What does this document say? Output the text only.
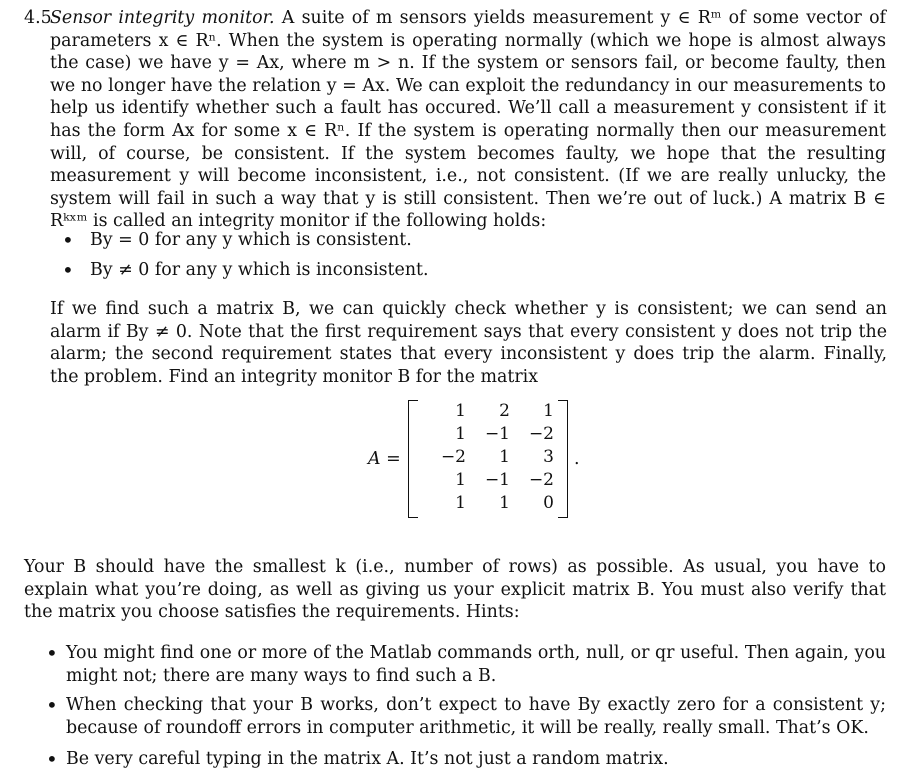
4.5Sensor integrity monitor. A suite of m sensors yields measurement y ∈ Rᵐ of some vector of parameters x ∈ Rⁿ. When the system is operating normally (which we hope is almost always the case) we have y = Ax, where m > n. If the system or sensors fail, or become faulty, then we no longer have the relation y = Ax. We can exploit the redundancy in our measurements to help us identify whether such a fault has occured. We’ll call a measurement y consistent if it has the form Ax for some x ∈ Rⁿ. If the system is operating normally then our measurement will, of course, be consistent. If the system becomes faulty, we hope that the resulting measurement y will become inconsistent, i.e., not consistent. (If we are really unlucky, the system will fail in such a way that y is still consistent. Then we’re out of luck.) A matrix B ∈ Rᵏˣᵐ is called an integrity monitor if the following holds:
• By = 0 for any y which is consistent.
• By ≠ 0 for any y which is inconsistent.
If we find such a matrix B, we can quickly check whether y is consistent; we can send an alarm if By ≠ 0. Note that the first requirement says that every consistent y does not trip the alarm; the second requirement states that every inconsistent y does trip the alarm. Finally, the problem. Find an integrity monitor B for the matrix
A =
1	2	1
1	−1	−2
−2	1	3
1	−1	−2
1	1	0
.
Your B should have the smallest k (i.e., number of rows) as possible. As usual, you have to explain what you’re doing, as well as giving us your explicit matrix B. You must also verify that the matrix you choose satisfies the requirements. Hints:
• You might find one or more of the Matlab commands orth, null, or qr useful. Then again, you might not; there are many ways to find such a B.
• When checking that your B works, don’t expect to have By exactly zero for a consistent y; because of roundoff errors in computer arithmetic, it will be really, really small. That’s OK.
• Be very careful typing in the matrix A. It’s not just a random matrix.
